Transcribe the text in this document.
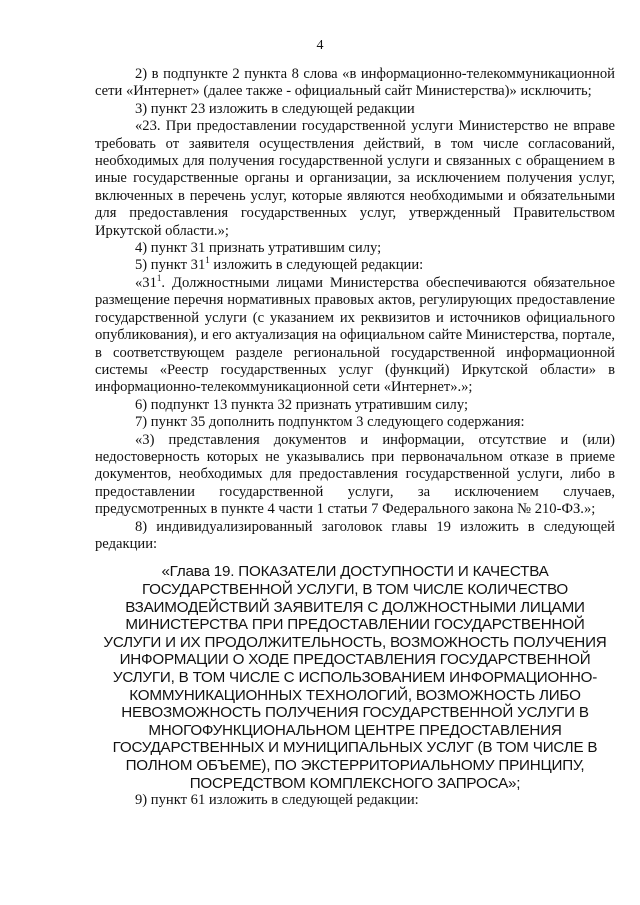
4

2) в подпункте 2 пункта 8 слова «в информационно-телекоммуникационной сети «Интернет» (далее также - официальный сайт Министерства)» исключить;

3) пункт 23 изложить в следующей редакции

«23. При предоставлении государственной услуги Министерство не вправе требовать от заявителя осуществления действий, в том числе согласований, необходимых для получения государственной услуги и связанных с обращением в иные государственные органы и организации, за исключением получения услуг, включенных в перечень услуг, которые являются необходимыми и обязательными для предоставления государственных услуг, утвержденный Правительством Иркутской области.»;

4) пункт 31 признать утратившим силу;

5) пункт $31^1$ изложить в следующей редакции:

«$31^1$. Должностными лицами Министерства обеспечиваются обязательное размещение перечня нормативных правовых актов, регулирующих предоставление государственной услуги (с указанием их реквизитов и источников официального опубликования), и его актуализация на официальном сайте Министерства, портале, в соответствующем разделе региональной государственной информационной системы «Реестр государственных услуг (функций) Иркутской области» в информационно-телекоммуникационной сети «Интернет».»;

6) подпункт 13 пункта 32 признать утратившим силу;

7) пункт 35 дополнить подпунктом 3 следующего содержания:

«3) представления документов и информации, отсутствие и (или) недостоверность которых не указывались при первоначальном отказе в приеме документов, необходимых для предоставления государственной услуги, либо в предоставлении государственной услуги, за исключением случаев, предусмотренных в пункте 4 части 1 статьи 7 Федерального закона № 210-ФЗ.»;

8) индивидуализированный заголовок главы 19 изложить в следующей редакции:

«Глава 19. ПОКАЗАТЕЛИ ДОСТУПНОСТИ И КАЧЕСТВА ГОСУДАРСТВЕННОЙ УСЛУГИ, В ТОМ ЧИСЛЕ КОЛИЧЕСТВО ВЗАИМОДЕЙСТВИЙ ЗАЯВИТЕЛЯ С ДОЛЖНОСТНЫМИ ЛИЦАМИ МИНИСТЕРСТВА ПРИ ПРЕДОСТАВЛЕНИИ ГОСУДАРСТВЕННОЙ УСЛУГИ И ИХ ПРОДОЛЖИТЕЛЬНОСТЬ, ВОЗМОЖНОСТЬ ПОЛУЧЕНИЯ ИНФОРМАЦИИ О ХОДЕ ПРЕДОСТАВЛЕНИЯ ГОСУДАРСТВЕННОЙ УСЛУГИ, В ТОМ ЧИСЛЕ С ИСПОЛЬЗОВАНИЕМ ИНФОРМАЦИОННО-КОММУНИКАЦИОННЫХ ТЕХНОЛОГИЙ, ВОЗМОЖНОСТЬ ЛИБО НЕВОЗМОЖНОСТЬ ПОЛУЧЕНИЯ ГОСУДАРСТВЕННОЙ УСЛУГИ В МНОГОФУНКЦИОНАЛЬНОМ ЦЕНТРЕ ПРЕДОСТАВЛЕНИЯ ГОСУДАРСТВЕННЫХ И МУНИЦИПАЛЬНЫХ УСЛУГ (В ТОМ ЧИСЛЕ В ПОЛНОМ ОБЪЕМЕ), ПО ЭКСТЕРРИТОРИАЛЬНОМУ ПРИНЦИПУ, ПОСРЕДСТВОМ КОМПЛЕКСНОГО ЗАПРОСА»;

9) пункт 61 изложить в следующей редакции:
